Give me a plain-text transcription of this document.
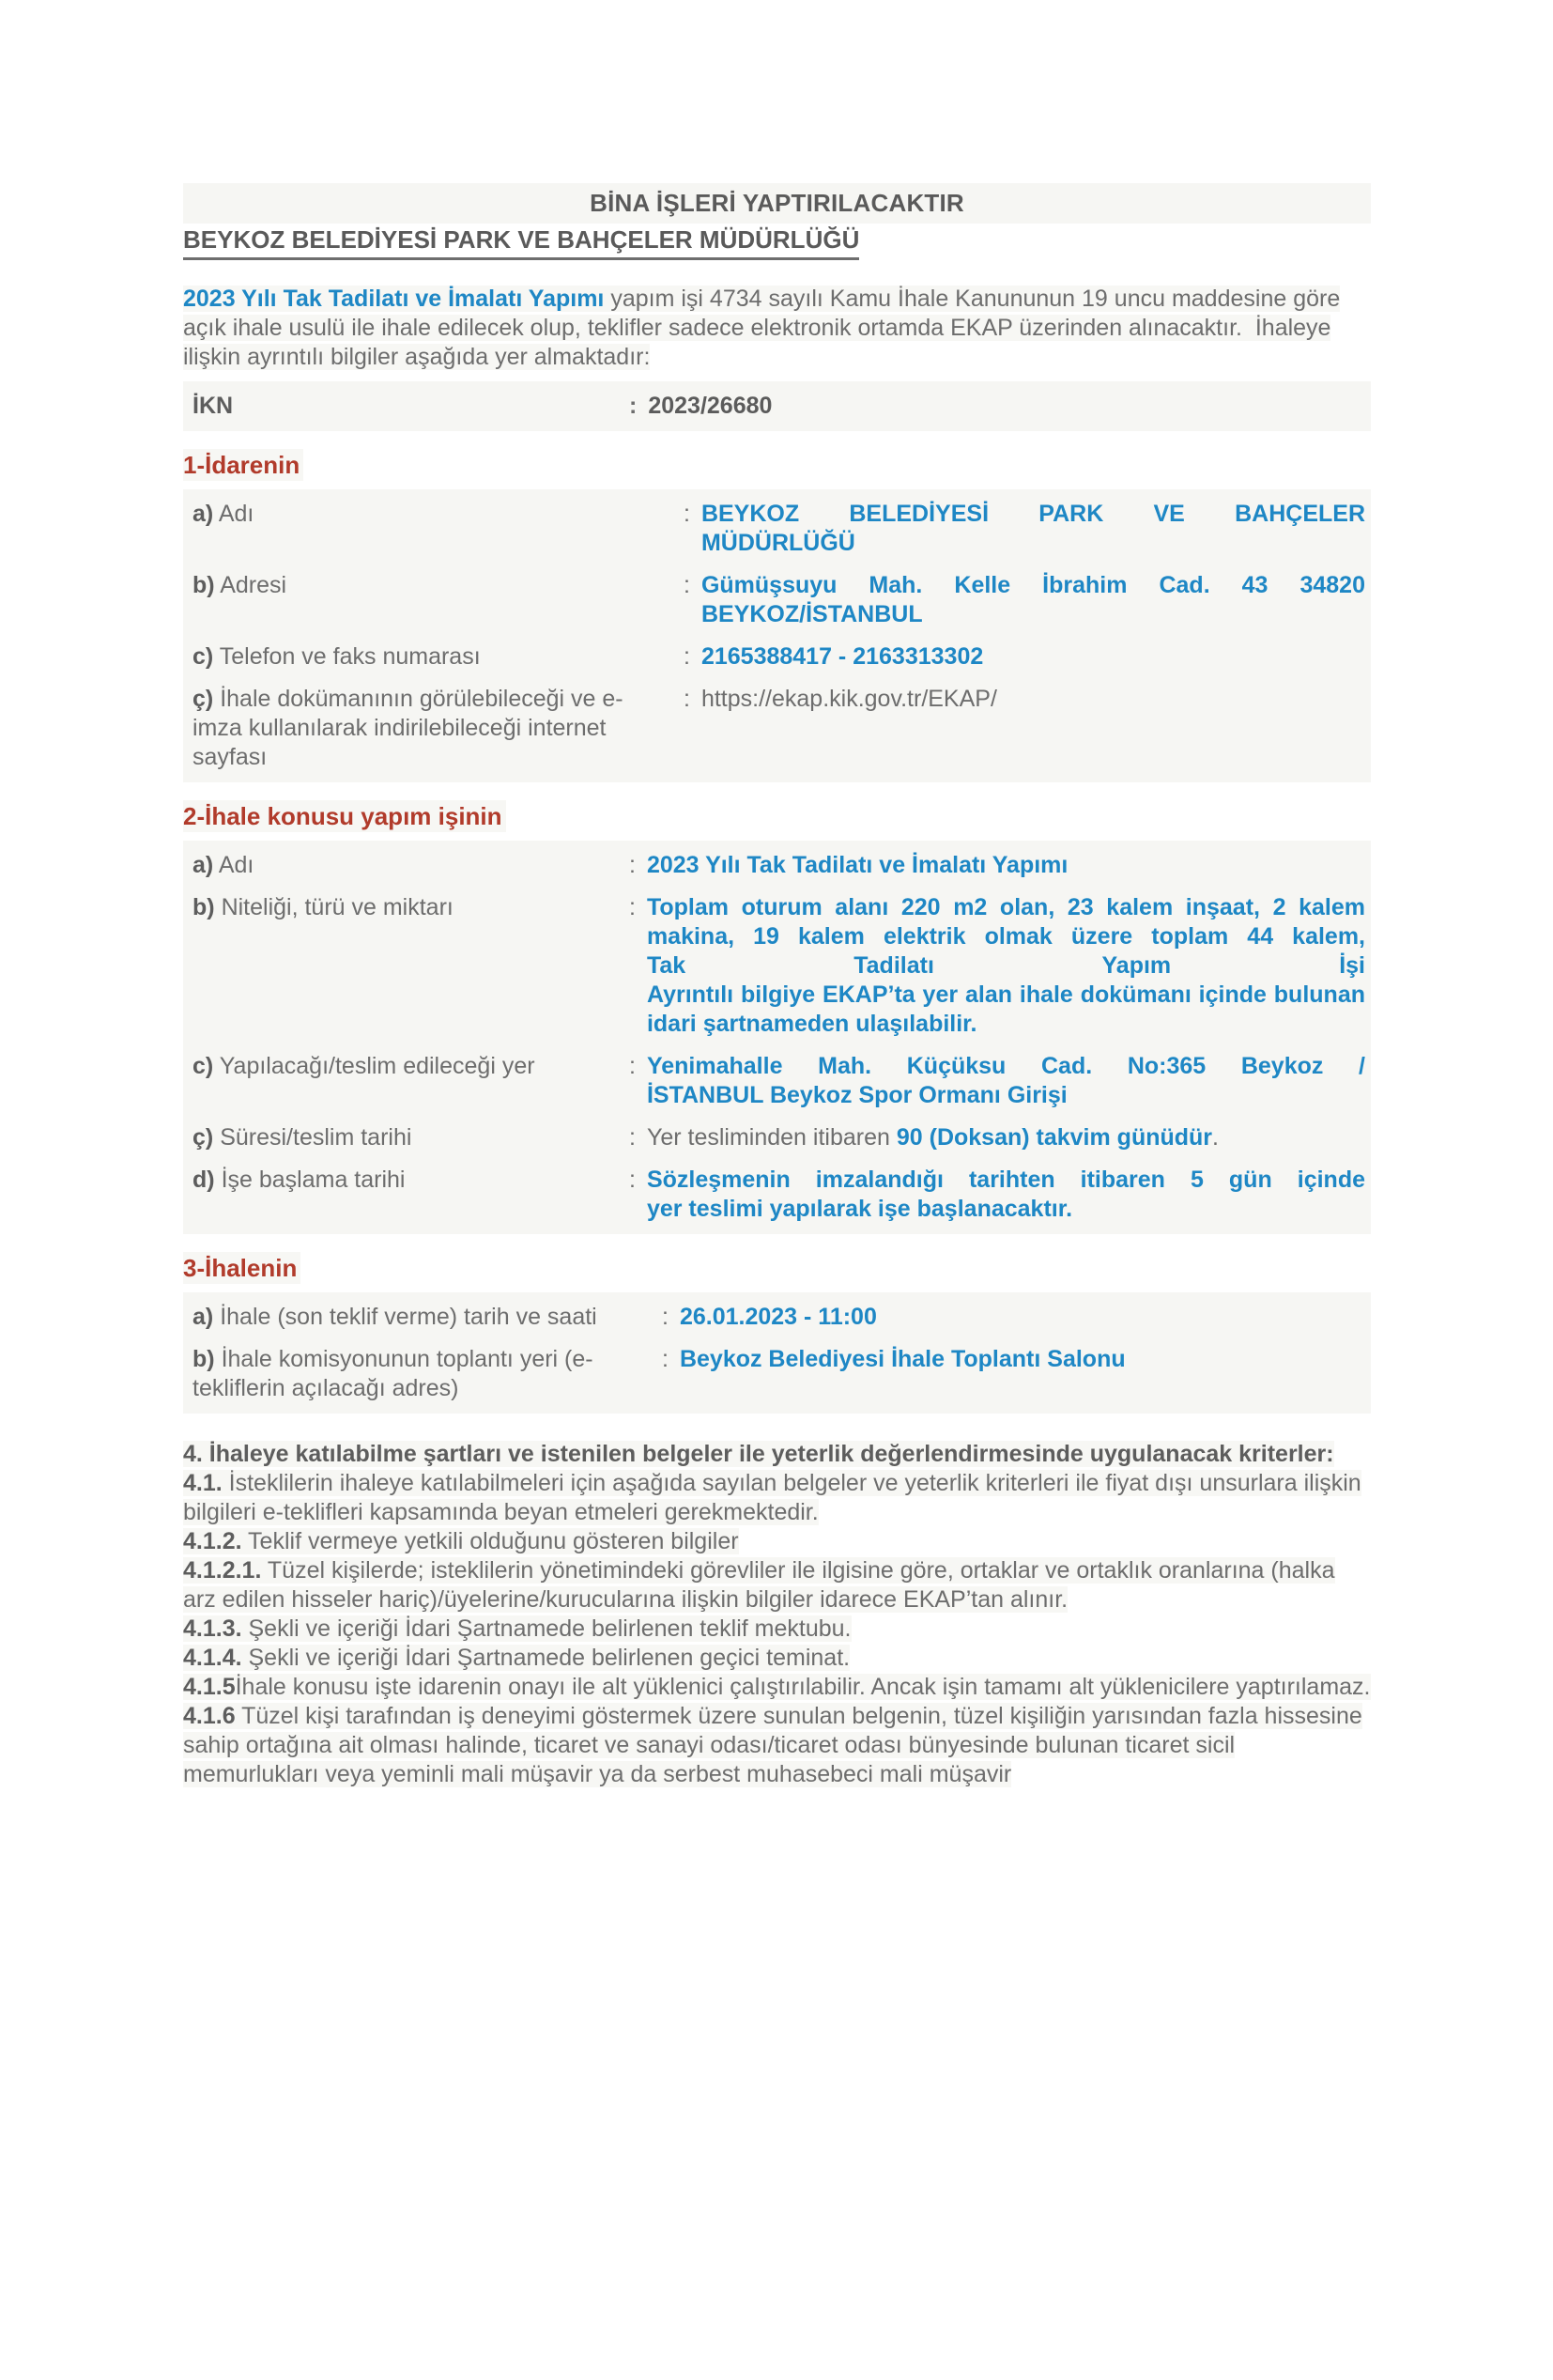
BİNA İŞLERİ YAPTIRILACAKTIR
BEYKOZ BELEDİYESİ PARK VE BAHÇELER MÜDÜRLÜĞÜ

2023 Yılı Tak Tadilatı ve İmalatı Yapımı yapım işi 4734 sayılı Kamu İhale Kanununun 19 uncu maddesine göre açık ihale usulü ile ihale edilecek olup, teklifler sadece elektronik ortamda EKAP üzerinden alınacaktır.  İhaleye ilişkin ayrıntılı bilgiler aşağıda yer almaktadır:

İKN	: 2023/26680
1-İdarenin
a) Adı	: BEYKOZ BELEDİYESİ PARK VE BAHÇELER
MÜDÜRLÜĞÜ
b) Adresi	: Gümüşsuyu Mah. Kelle İbrahim Cad. 43 34820
BEYKOZ/İSTANBUL
c) Telefon ve faks numarası	: 2165388417 - 2163313302
ç) İhale dokümanının görülebileceği ve e-imza kullanılarak indirilebileceği internet sayfası
: https://ekap.kik.gov.tr/EKAP/
2-İhale konusu yapım işinin
a) Adı	: 2023 Yılı Tak Tadilatı ve İmalatı Yapımı
b) Niteliği, türü ve miktarı	: Toplam oturum alanı 220 m2 olan, 23 kalem inşaat, 2 kalem makina, 19 kalem elektrik olmak üzere toplam 44 kalem,
Tak Tadilatı Yapım İşi
Ayrıntılı bilgiye EKAP’ta yer alan ihale dokümanı içinde bulunan idari şartnameden ulaşılabilir.
c) Yapılacağı/teslim edileceği yer	: Yenimahalle Mah. Küçüksu Cad. No:365 Beykoz /
İSTANBUL Beykoz Spor Ormanı Girişi
ç) Süresi/teslim tarihi	: Yer tesliminden itibaren 90 (Doksan) takvim günüdür.
d) İşe başlama tarihi	: Sözleşmenin imzalandığı tarihten itibaren 5 gün içinde
yer teslimi yapılarak işe başlanacaktır.
3-İhalenin
a) İhale (son teklif verme) tarih ve saati	: 26.01.2023 - 11:00
b) İhale komisyonunun toplantı yeri (e-tekliflerin açılacağı adres)
: Beykoz Belediyesi İhale Toplantı Salonu

4. İhaleye katılabilme şartları ve istenilen belgeler ile yeterlik değerlendirmesinde uygulanacak kriterler:

4.1. İsteklilerin ihaleye katılabilmeleri için aşağıda sayılan belgeler ve yeterlik kriterleri ile fiyat dışı unsurlara ilişkin bilgileri e-teklifleri kapsamında beyan etmeleri gerekmektedir.

4.1.2. Teklif vermeye yetkili olduğunu gösteren bilgiler

4.1.2.1. Tüzel kişilerde; isteklilerin yönetimindeki görevliler ile ilgisine göre, ortaklar ve ortaklık oranlarına (halka arz edilen hisseler hariç)/üyelerine/kurucularına ilişkin bilgiler idarece EKAP’tan alınır.

4.1.3. Şekli ve içeriği İdari Şartnamede belirlenen teklif mektubu.

4.1.4. Şekli ve içeriği İdari Şartnamede belirlenen geçici teminat.

4.1.5İhale konusu işte idarenin onayı ile alt yüklenici çalıştırılabilir. Ancak işin tamamı alt yüklenicilere yaptırılamaz.

4.1.6 Tüzel kişi tarafından iş deneyimi göstermek üzere sunulan belgenin, tüzel kişiliğin yarısından fazla hissesine sahip ortağına ait olması halinde, ticaret ve sanayi odası/ticaret odası bünyesinde bulunan ticaret sicil memurlukları veya yeminli mali müşavir ya da serbest muhasebeci mali müşavir
